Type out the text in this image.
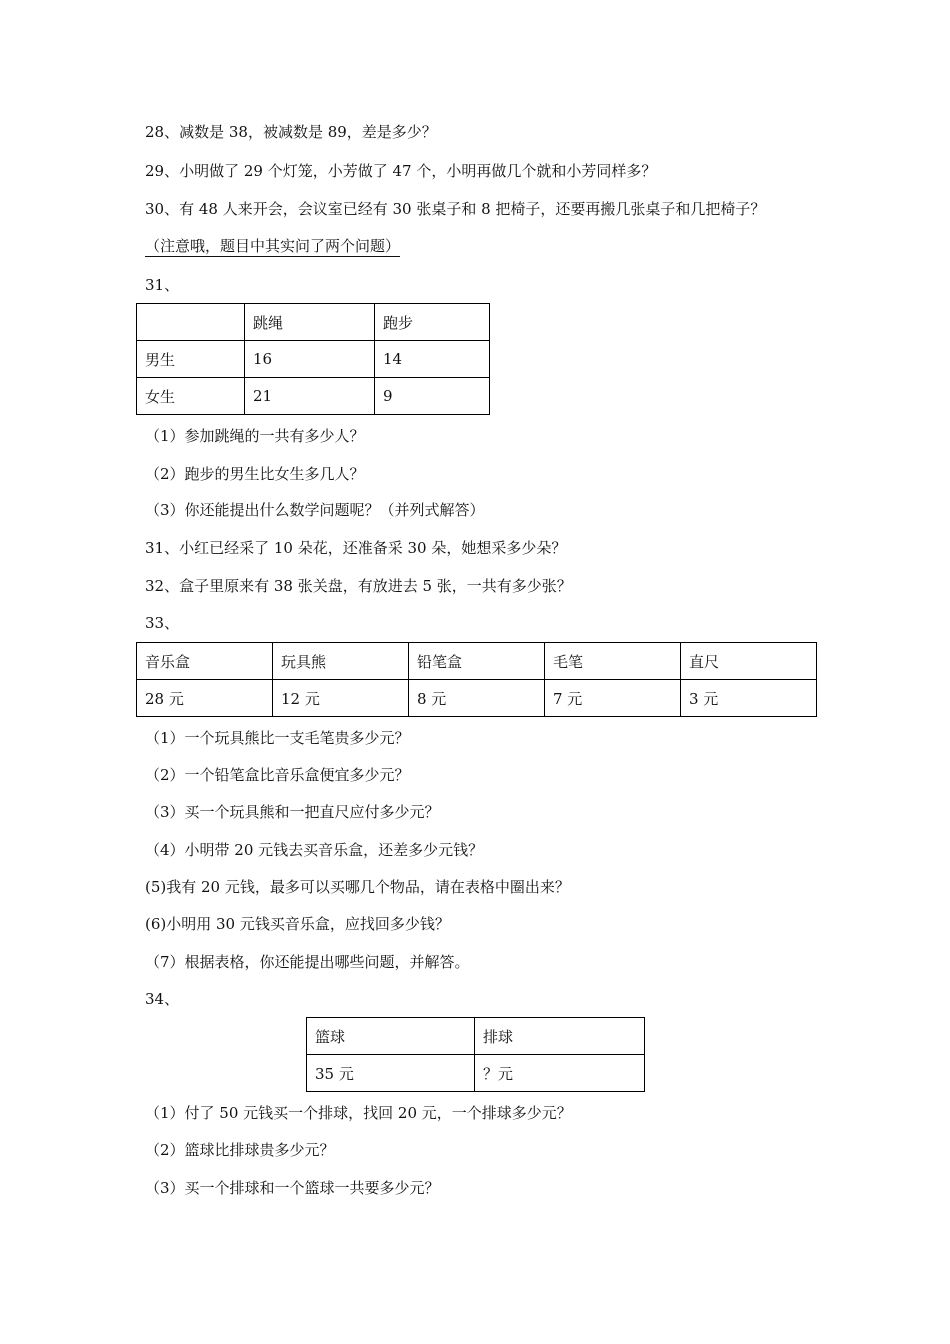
28、减数是 38，被减数是 89，差是多少？
29、小明做了 29 个灯笼，小芳做了 47 个，小明再做几个就和小芳同样多？
30、有 48 人来开会，会议室已经有 30 张桌子和 8 把椅子，还要再搬几张桌子和几把椅子？
（注意哦，题目中其实问了两个问题）
31、
	跳绳	跑步
男生	16	14
女生	21	9
（1）参加跳绳的一共有多少人？
（2）跑步的男生比女生多几人？
（3）你还能提出什么数学问题呢？（并列式解答）
31、小红已经采了 10 朵花，还准备采 30 朵，她想采多少朵？
32、盒子里原来有 38 张关盘，有放进去 5 张，一共有多少张？
33、
音乐盒	玩具熊	铅笔盒	毛笔	直尺
28 元	12 元	8 元	7 元	3 元
（1）一个玩具熊比一支毛笔贵多少元？
（2）一个铅笔盒比音乐盒便宜多少元？
（3）买一个玩具熊和一把直尺应付多少元？
（4）小明带 20 元钱去买音乐盒，还差多少元钱？
(5)我有 20 元钱，最多可以买哪几个物品，请在表格中圈出来？
(6)小明用 30 元钱买音乐盒，应找回多少钱？
（7）根据表格，你还能提出哪些问题，并解答。
34、
篮球	排球
35 元	？元
（1）付了 50 元钱买一个排球，找回 20 元，一个排球多少元？
（2）篮球比排球贵多少元？
（3）买一个排球和一个篮球一共要多少元？
